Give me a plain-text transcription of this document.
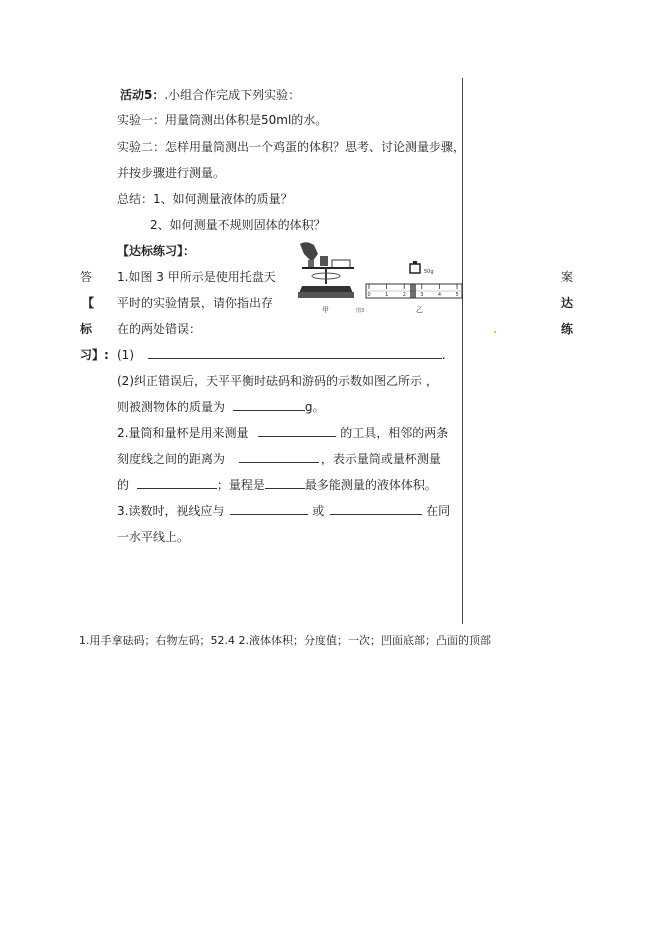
活动5：.小组合作完成下列实验：
实验一：用量筒测出体积是50ml的水。
实验二：怎样用量筒测出一个鸡蛋的体积？思考、讨论测量步骤，
并按步骤进行测量。
总结：1、如何测量液体的质量？
2、如何测量不规则固体的体积？
【达标练习】：
答
【
标
习】:
案
达
练
1.如图 3 甲所示是使用托盘天
平时的实验情景，请你指出存
在的两处错误：
甲	图3
50g
乙
0	1	2	3	4	5
(1)	.
(2)纠正错误后，天平平衡时砝码和游码的示数如图乙所示 ，
则被测物体的质量为	g。
2.量筒和量杯是用来测量	的工具，相邻的两条
刻度线之间的距离为	，表示量筒或量杯测量
的	；量程是	最多能测量的液体体积。
3.读数时，视线应与	或	在同
一水平线上。
1.用手拿砝码；右物左码；52.4 2.液体体积；分度值；一次；凹面底部；凸面的顶部
